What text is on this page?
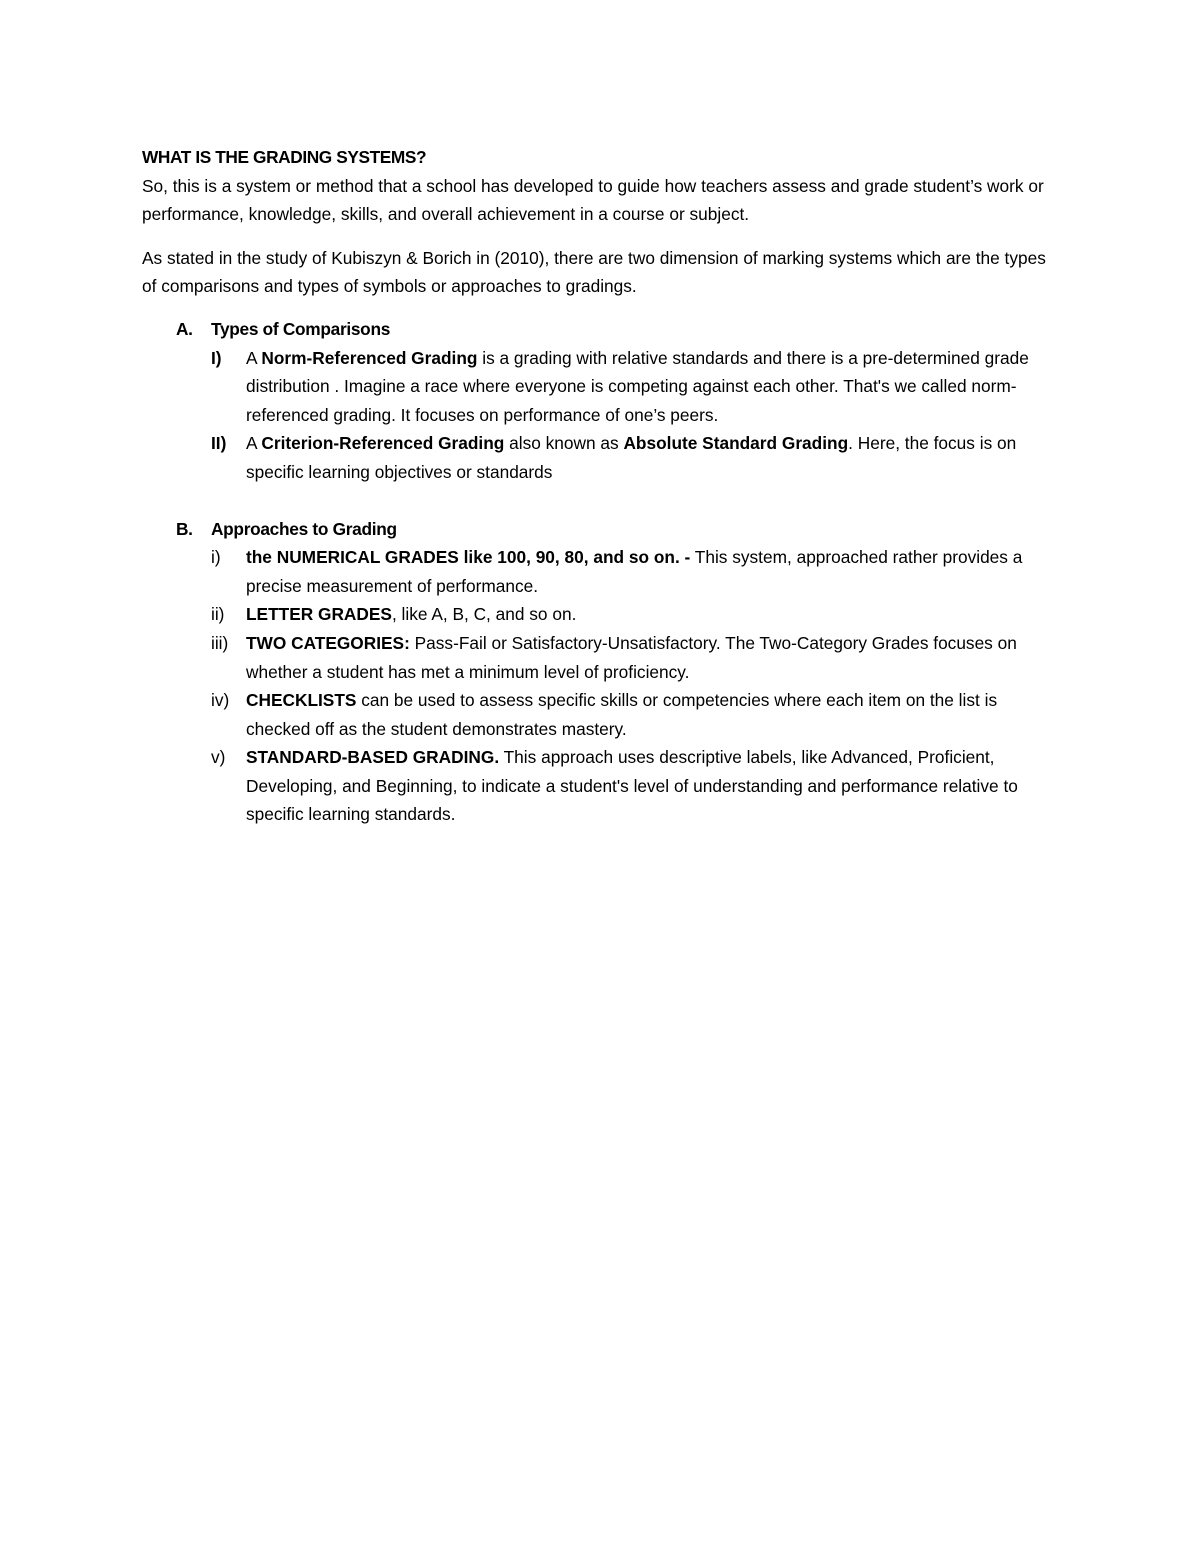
WHAT IS THE GRADING SYSTEMS?

So, this is a system or method that a school has developed to guide how teachers assess and grade student’s work or performance, knowledge, skills, and overall achievement in a course or subject.

As stated in the study of Kubiszyn & Borich in (2010), there are two dimension of marking systems which are the types of comparisons and types of symbols or approaches to gradings.

A. Types of Comparisons
I) A Norm-Referenced Grading is a grading with relative standards and there is a pre-determined grade distribution . Imagine a race where everyone is competing against each other. That's we called norm-referenced grading. It focuses on performance of one’s peers.
II) A Criterion-Referenced Grading also known as Absolute Standard Grading. Here, the focus is on specific learning objectives or standards
B. Approaches to Grading
i) the NUMERICAL GRADES like 100, 90, 80, and so on. - This system, approached rather provides a precise measurement of performance.
ii) LETTER GRADES, like A, B, C, and so on.
iii) TWO CATEGORIES: Pass-Fail or Satisfactory-Unsatisfactory. The Two-Category Grades focuses on whether a student has met a minimum level of proficiency.
iv) CHECKLISTS can be used to assess specific skills or competencies where each item on the list is checked off as the student demonstrates mastery.
v) STANDARD-BASED GRADING. This approach uses descriptive labels, like Advanced, Proficient, Developing, and Beginning, to indicate a student's level of understanding and performance relative to specific learning standards.
